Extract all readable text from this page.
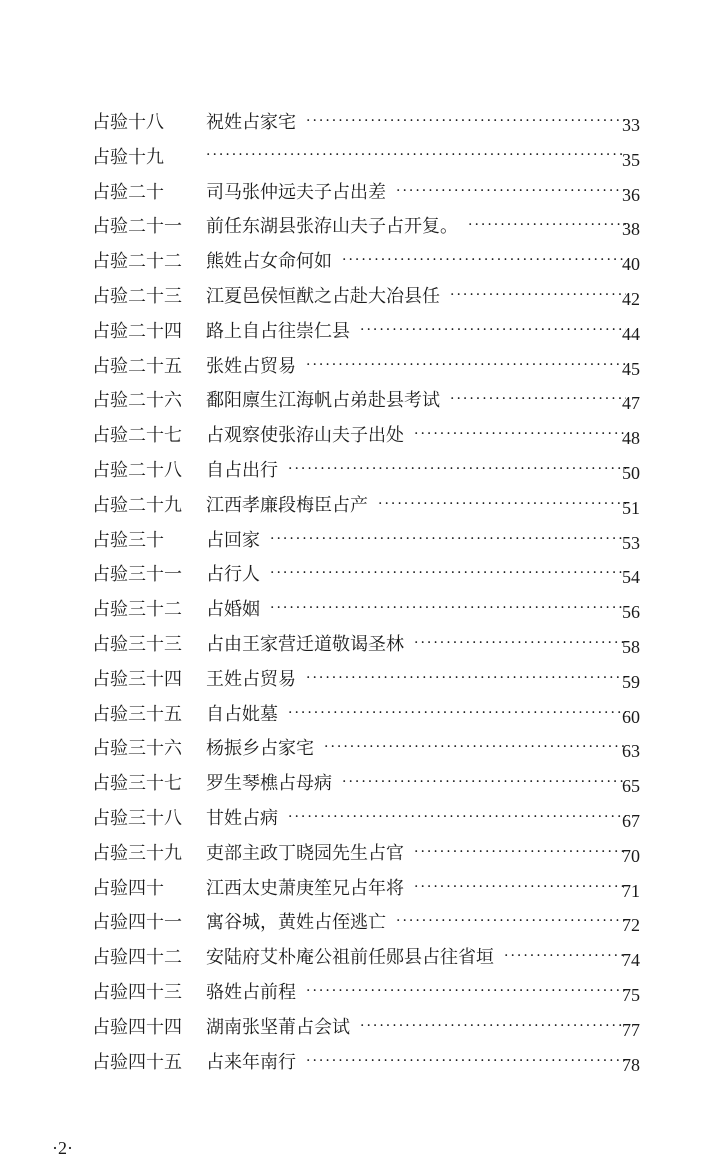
占验十八 祝姓占家宅 ·····	33
占验十九 ·····	35
占验二十 司马张仲远夫子占出差 ·····	36
占验二十一 前任东湖县张洊山夫子占开复。 ·····	38
占验二十二 熊姓占女命何如 ·····	40
占验二十三 江夏邑侯恒猷之占赴大冶县任 ·····	42
占验二十四 路上自占往崇仁县 ·····	44
占验二十五 张姓占贸易 ·····	45
占验二十六 鄱阳廪生江海帆占弟赴县考试 ·····	47
占验二十七 占观察使张洊山夫子出处 ·····	48
占验二十八 自占出行 ·····	50
占验二十九 江西孝廉段梅臣占产 ·····	51
占验三十 占回家 ·····	53
占验三十一 占行人 ·····	54
占验三十二 占婚姻 ·····	56
占验三十三 占由王家营迁道敬谒圣林 ·····	58
占验三十四 王姓占贸易 ·····	59
占验三十五 自占妣墓 ·····	60
占验三十六 杨振乡占家宅 ·····	63
占验三十七 罗生琴樵占母病 ·····	65
占验三十八 甘姓占病 ·····	67
占验三十九 吏部主政丁晓园先生占官 ·····	70
占验四十 江西太史萧庚笙兄占年将 ·····	71
占验四十一 寓谷城，黄姓占侄逃亡 ·····	72
占验四十二 安陆府艾朴庵公祖前任郧县占往省垣 ·····	74
占验四十三 骆姓占前程 ·····	75
占验四十四 湖南张坚莆占会试 ·····	77
占验四十五 占来年南行 ·····	78
·2·
